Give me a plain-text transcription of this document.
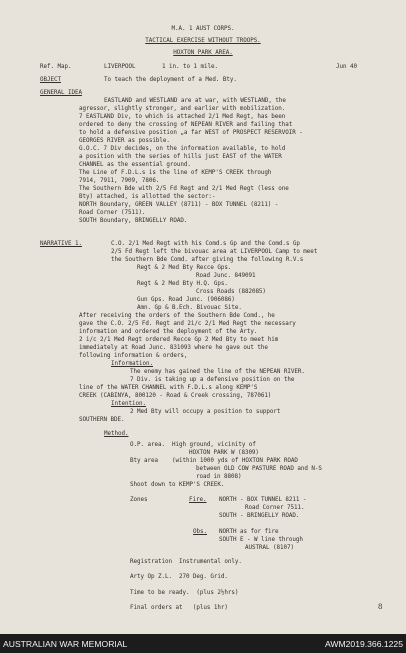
M.A. 1 AUST CORPS.
TACTICAL EXERCISE WITHOUT TROOPS.
HOXTON PARK AREA.
Ref. Map.	LIVERPOOL	1 in. to 1 mile.	Jun 40
OBJECT	To teach the deployment of a Med. Bty.
GENERAL IDEA
EASTLAND and WESTLAND are at war, with WESTLAND, the
agressor, slightly stronger, and earlier with mobilization.
7 EASTLAND Div, to which is attached 2/1 Med Regt, has been
ordered to deny the crossing of NEPEAN RIVER and failing that
to hold a defensive position „a far WEST of PROSPECT RESERVOIR -
GEORGES RIVER as possible.
G.O.C. 7 Div decides, on the information available, to hold
a position with the series of hills just EAST of the WATER
CHANNEL as the essential ground.
The Line of F.D.L.s is the line of KEMP'S CREEK through
7914, 7911, 7909, 7806.
The Southern Bde with 2/5 Fd Regt and 2/1 Med Regt (less one
Bty) attached, is allotted the sector:-
NORTH Boundary, GREEN VALLEY (8711) - BOX TUNNEL (8211) -
Road Corner (7511).
SOUTH Boundary, BRINGELLY ROAD.
NARRATIVE 1.	C.O. 2/1 Med Regt with his Comd.s Gp and the Comd.s Gp
2/5 Fd Regt left the bivouac area at LIVERPOOL Camp to meet
the Southern Bde Comd. after giving the following R.V.s
Regt & 2 Med Bty Recce Gps.
Road Junc. 849091
Regt & 2 Med Bty H.Q. Gps.
Cross Roads (882085)
Gun Gps. Road Junc. (906086)
Amn. Gp & B.Ech. Bivouac Site.
After receiving the orders of the Southern Bde Comd., he
gave the C.O. 2/5 Fd. Regt and 2i/c 2/1 Med Regt the necessary
information and ordered the deployment of the Arty.
2 i/c 2/1 Med Regt ordered Recce Gp 2 Med Bty to meet him
immediately at Road Junc. 831093 where he gave out the
following information & orders,
Information.
The enemy has gained the line of the NEPEAN RIVER.
7 Div. is taking up a defensive position on the
line of the WATER CHANNEL with F.D.L.s along KEMP'S
CREEK (CABINYA, 800120 - Road & Creek crossing, 787061)
Intention.
2 Med Bty will occupy a position to support
SOUTHERN BDE.
Method.
O.P. area.  High ground, vicinity of
HOXTON PARK W (8309)
Bty area    (within 1000 yds of HOXTON PARK ROAD
between OLD COW PASTURE ROAD and N-S
road in 8808)
Shoot down to KEMP'S CREEK.
Zones	Fire. NORTH - BOX TUNNEL 8211 -
Road Corner 7511.
SOUTH - BRINGELLY ROAD.
Obs. NORTH as for fire
SOUTH E - W line through
AUSTRAL (8107)
Registration  Instrumental only.
Arty Op Z.L.  270 Deg. Grid.
Time to be ready.  (plus 2½hrs)
Final orders at   (plus 1hr)	8
AUSTRALIAN WAR MEMORIAL	AWM2019.366.1225
